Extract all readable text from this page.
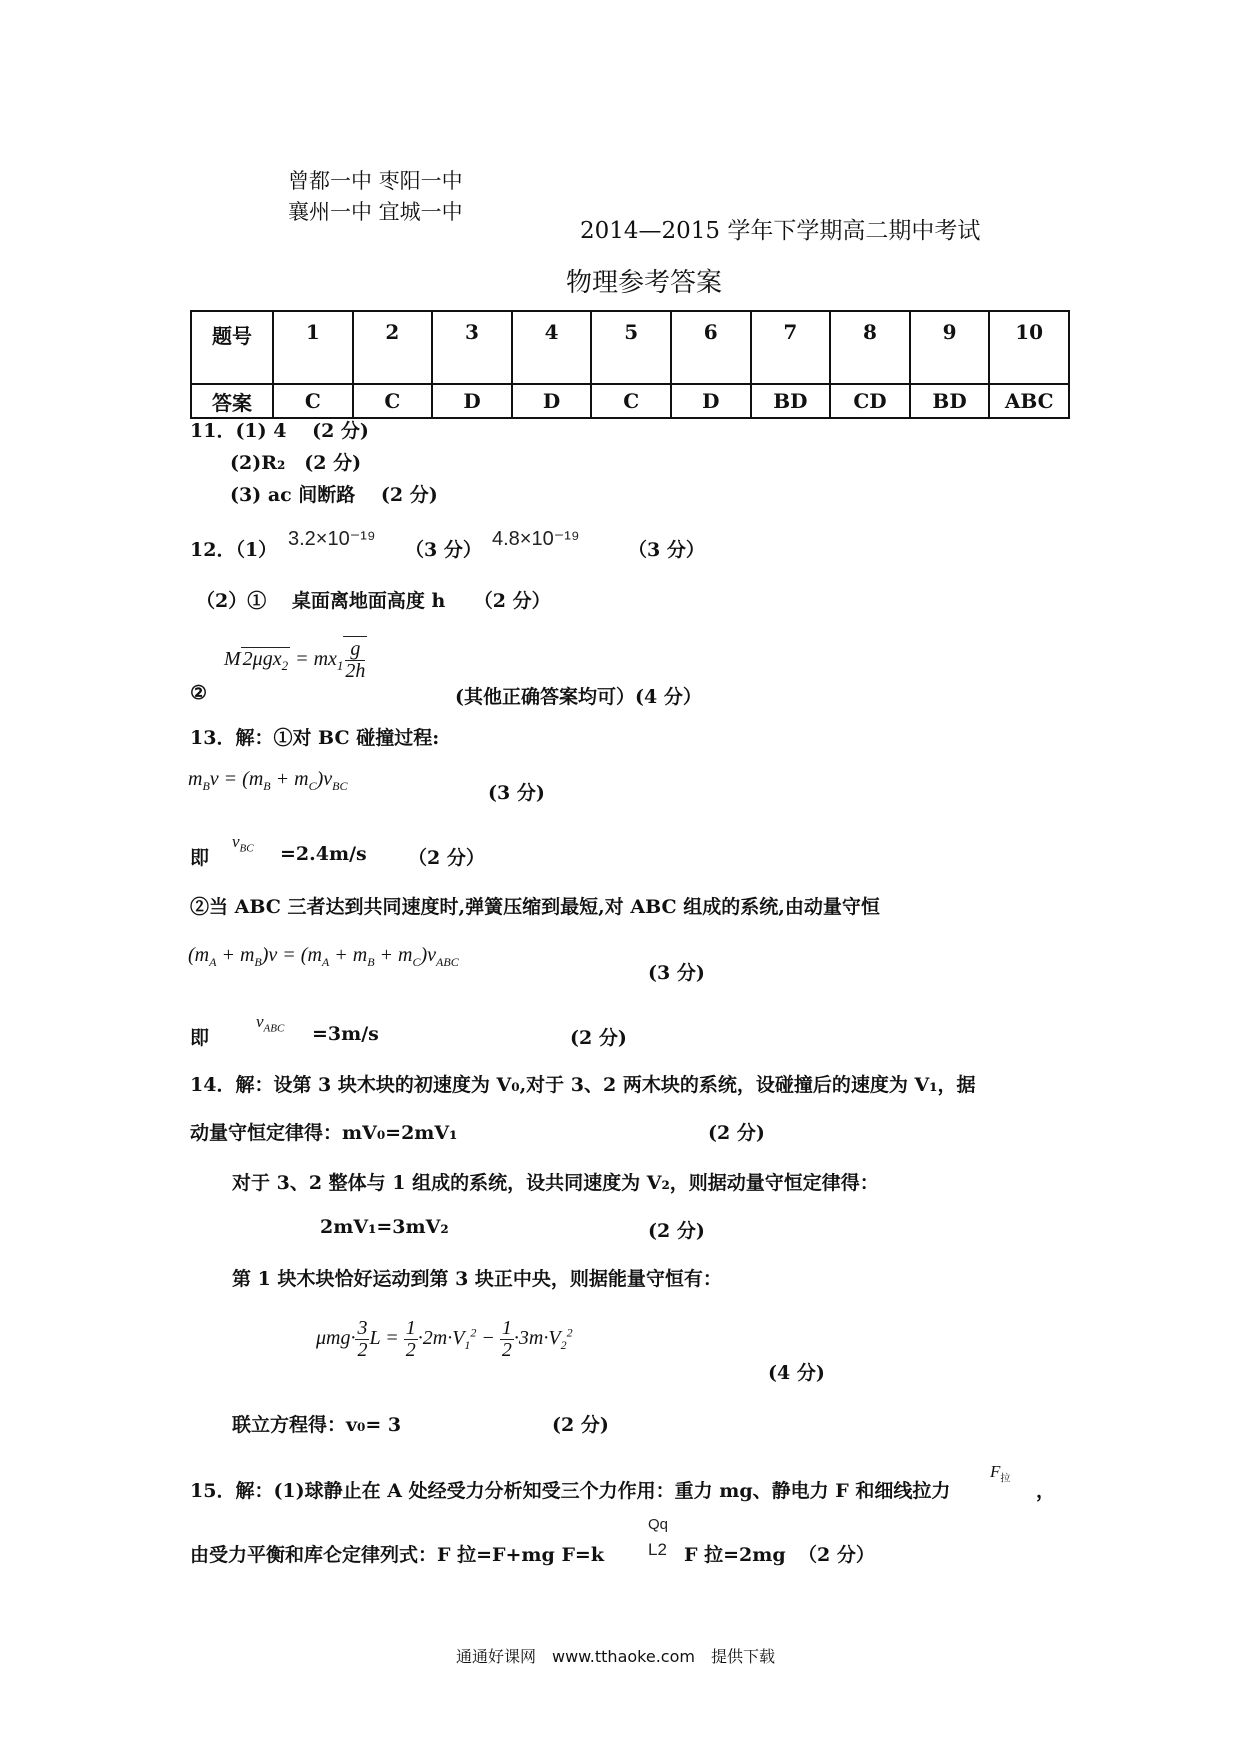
曾都一中 枣阳一中
襄州一中 宜城一中
2014—2015 学年下学期高二期中考试
物理参考答案
题号	1	2	3	4	5	6	7	8	9	10
答案	C	C	D	D	C	D	BD	CD	BD	ABC
11．(1) 4　 (2 分)
(2)R₂　(2 分)
(3) ac 间断路　 (2 分)
12．（1） 3.2×10⁻¹⁹ （3 分） 4.8×10⁻¹⁹	（3 分）
（2）①　 桌面离地面高度 h　　（2 分）
M $2\mu gx_2 = mx_1 \frac{g}{2h}$
②	(其他正确答案均可）(4 分）
13．解：①对 BC 碰撞过程:
$m_Bv = (m_B + m_C)v_{BC}$	(3 分)
即
$v_{BC} =2.4m/s$ （2 分）
②当 ABC 三者达到共同速度时,弹簧压缩到最短,对 ABC 组成的系统,由动量守恒
$(m_A + m_B)v = (m_A + m_B + m_C)v_{ABC}$	(3 分)
即
$v_{ABC} =3m/s$	(2 分)
14．解：设第 3 块木块的初速度为 V₀,对于 3、2 两木块的系统，设碰撞后的速度为 V₁，据
动量守恒定律得：mV₀=2mV₁	(2 分)
对于 3、2 整体与 1 组成的系统，设共同速度为 V₂，则据动量守恒定律得：
2mV₁=3mV₂	(2 分)
第 1 块木块恰好运动到第 3 块正中央，则据能量守恒有：
$\mu mg\cdot \frac{3}{2}$ $L = \frac{1}{2} \cdot 2m\cdot V_1^2 - \frac{1}{2} \cdot 3m\cdot V_2^2$
(4 分)
联立方程得：v₀= 3	(2 分)
15．解：(1)球静止在 A 处经受力分析知受三个力作用：重力 mg、静电力 F 和细线拉力
$F_拉$
，
由受力平衡和库仑定律列式：F 拉=F+mg F=k
Qq
L2 F 拉=2mg （2 分）
通通好课网　www.tthaoke.com　提供下载
